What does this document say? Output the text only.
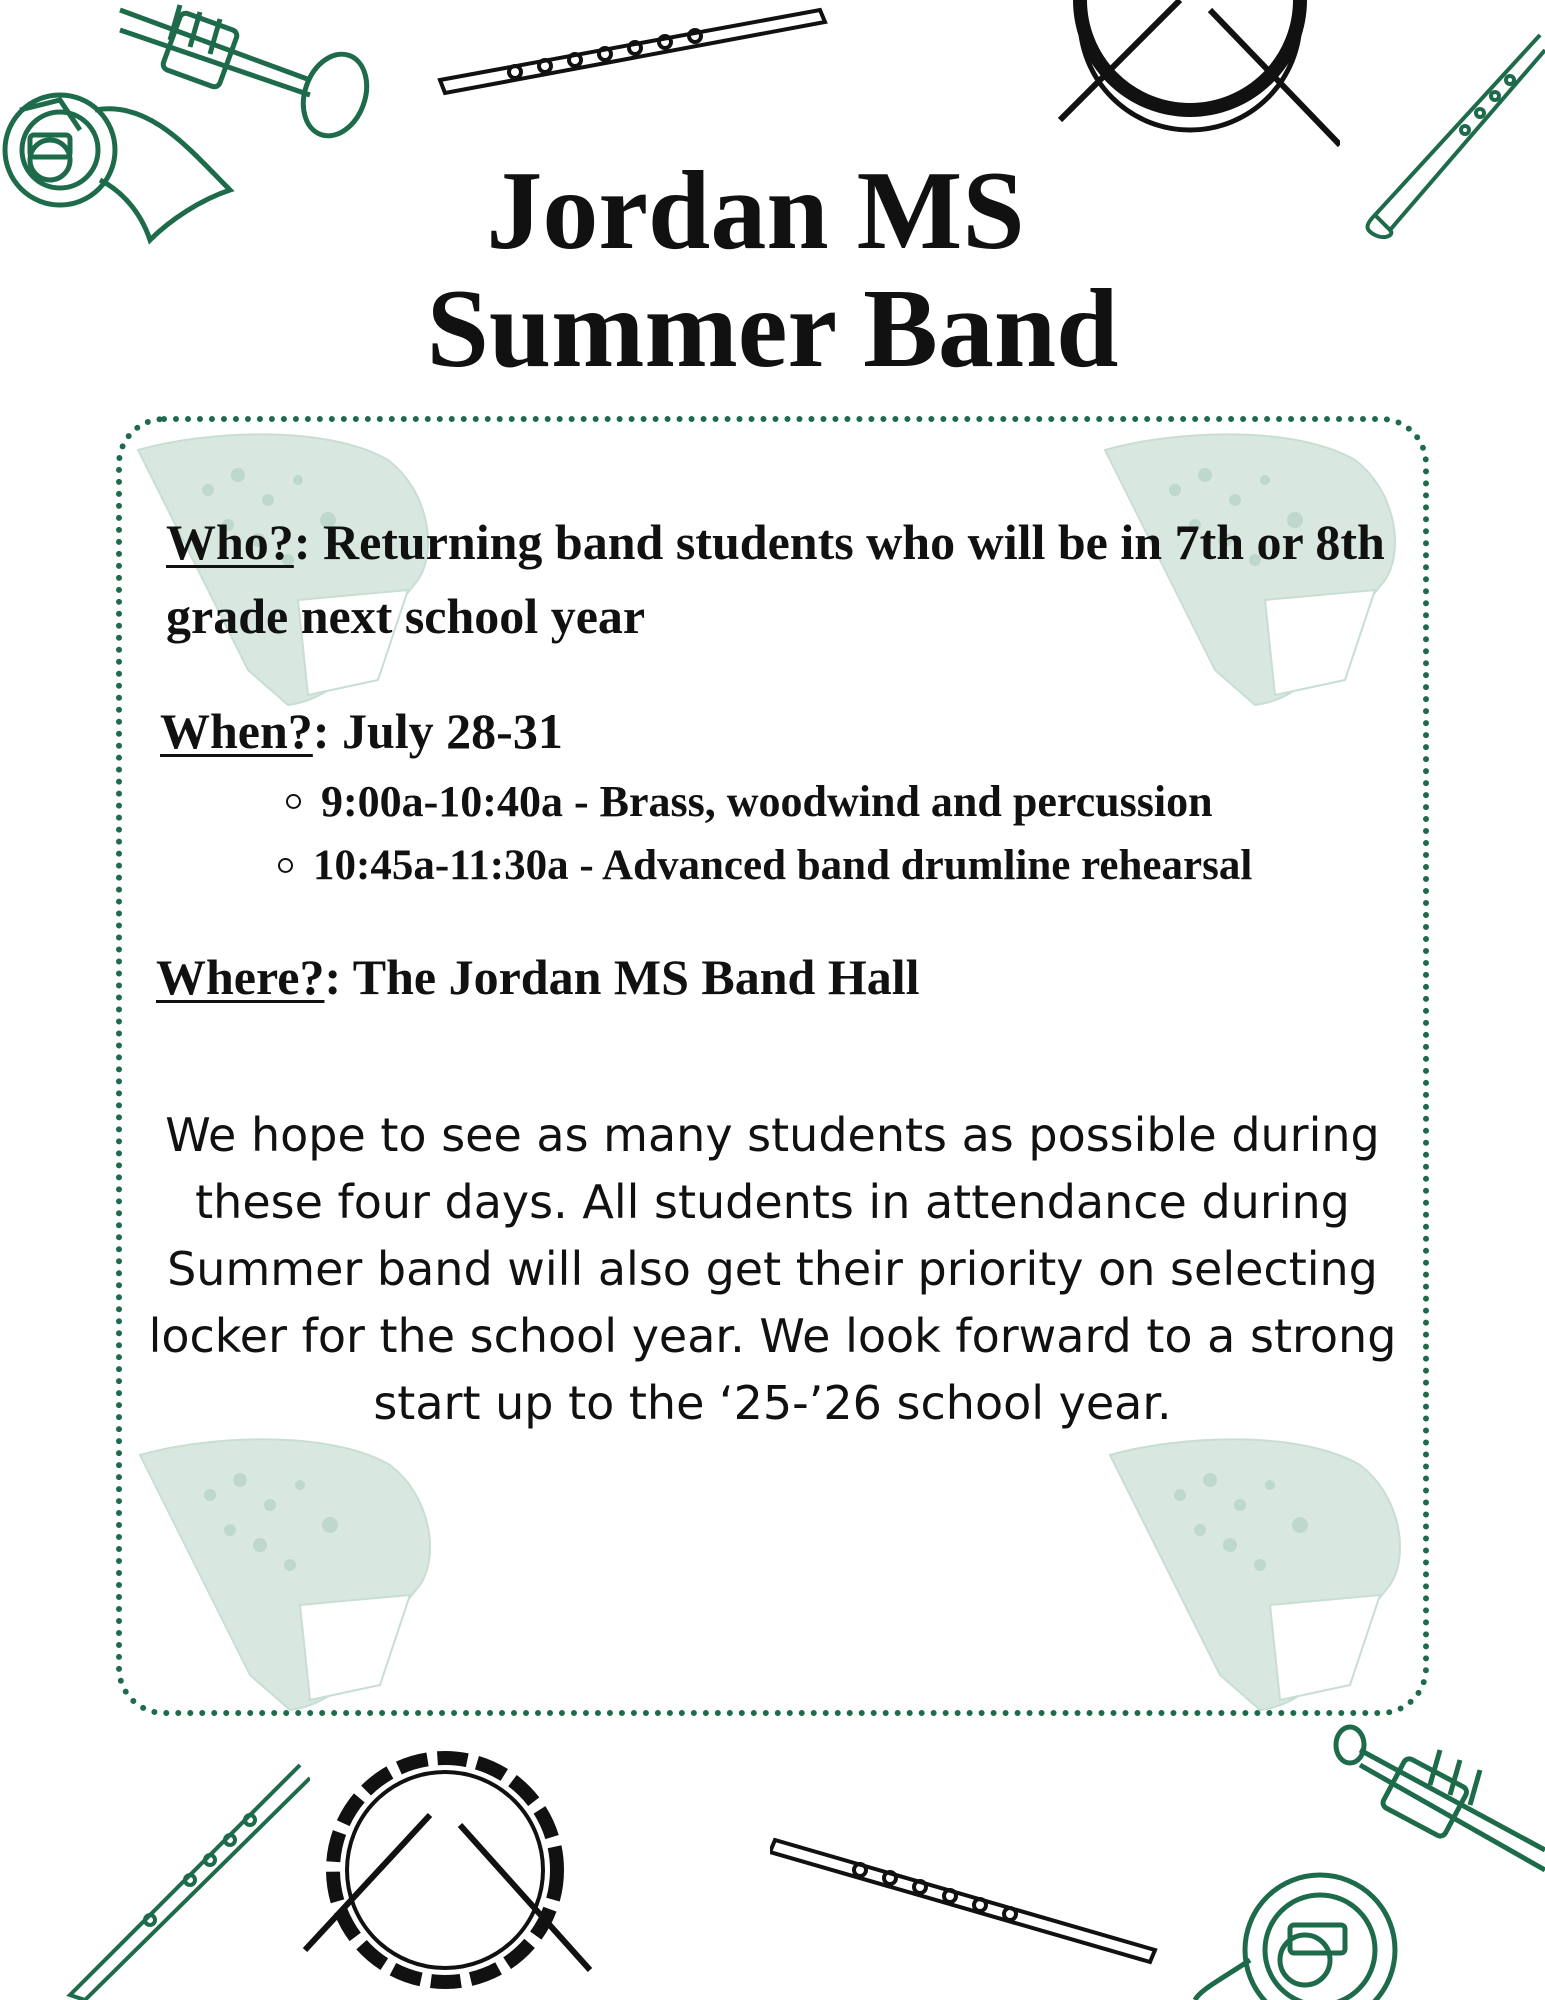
Jordan MS
Summer Band
Who?: Returning band students who will be in 7th or 8th grade next school year
When?: July 28-31
9:00a-10:40a - Brass, woodwind and percussion
10:45a-11:30a - Advanced band drumline rehearsal
Where?: The Jordan MS Band Hall
We hope to see as many students as possible during these four days. All students in attendance during Summer band will also get their priority on selecting locker for the school year. We look forward to a strong start up to the ‘25-’26 school year.
